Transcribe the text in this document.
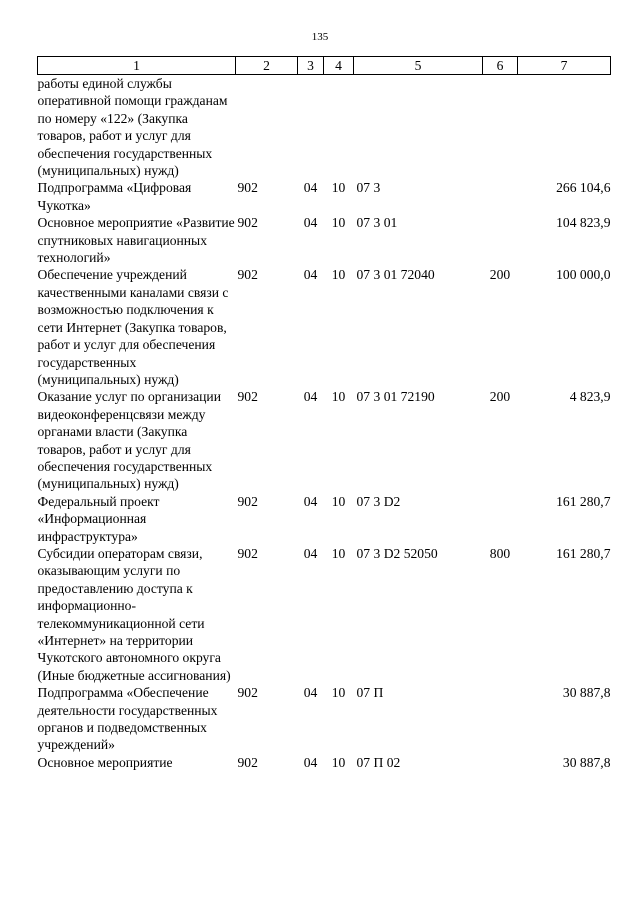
135
1	2	3	4	5	6	7
работы единой службы оперативной помощи гражданам по номеру «122» (Закупка товаров, работ и услуг для обеспечения государственных (муниципальных) нужд)						
Подпрограмма «Цифровая Чукотка»	902	04	10	07 3		266 104,6
Основное мероприятие «Развитие спутниковых навигационных технологий»	902	04	10	07 3 01		104 823,9
Обеспечение учреждений качественными каналами связи с возможностью подключения к сети Интернет (Закупка товаров, работ и услуг для обеспечения государственных (муниципальных) нужд)	902	04	10	07 3 01 72040	200	100 000,0
Оказание услуг по организации видеоконференцсвязи между органами власти (Закупка товаров, работ и услуг для обеспечения государственных (муниципальных) нужд)	902	04	10	07 3 01 72190	200	4 823,9
Федеральный проект «Информационная инфраструктура»	902	04	10	07 3 D2		161 280,7
Субсидии операторам связи, оказывающим услуги по предоставлению доступа к информационно-телекоммуникационной сети «Интернет» на территории Чукотского автономного округа (Иные бюджетные ассигнования)	902	04	10	07 3 D2 52050	800	161 280,7
Подпрограмма «Обеспечение деятельности государственных органов и подведомственных учреждений»	902	04	10	07 П		30 887,8
Основное мероприятие	902	04	10	07 П 02		30 887,8
